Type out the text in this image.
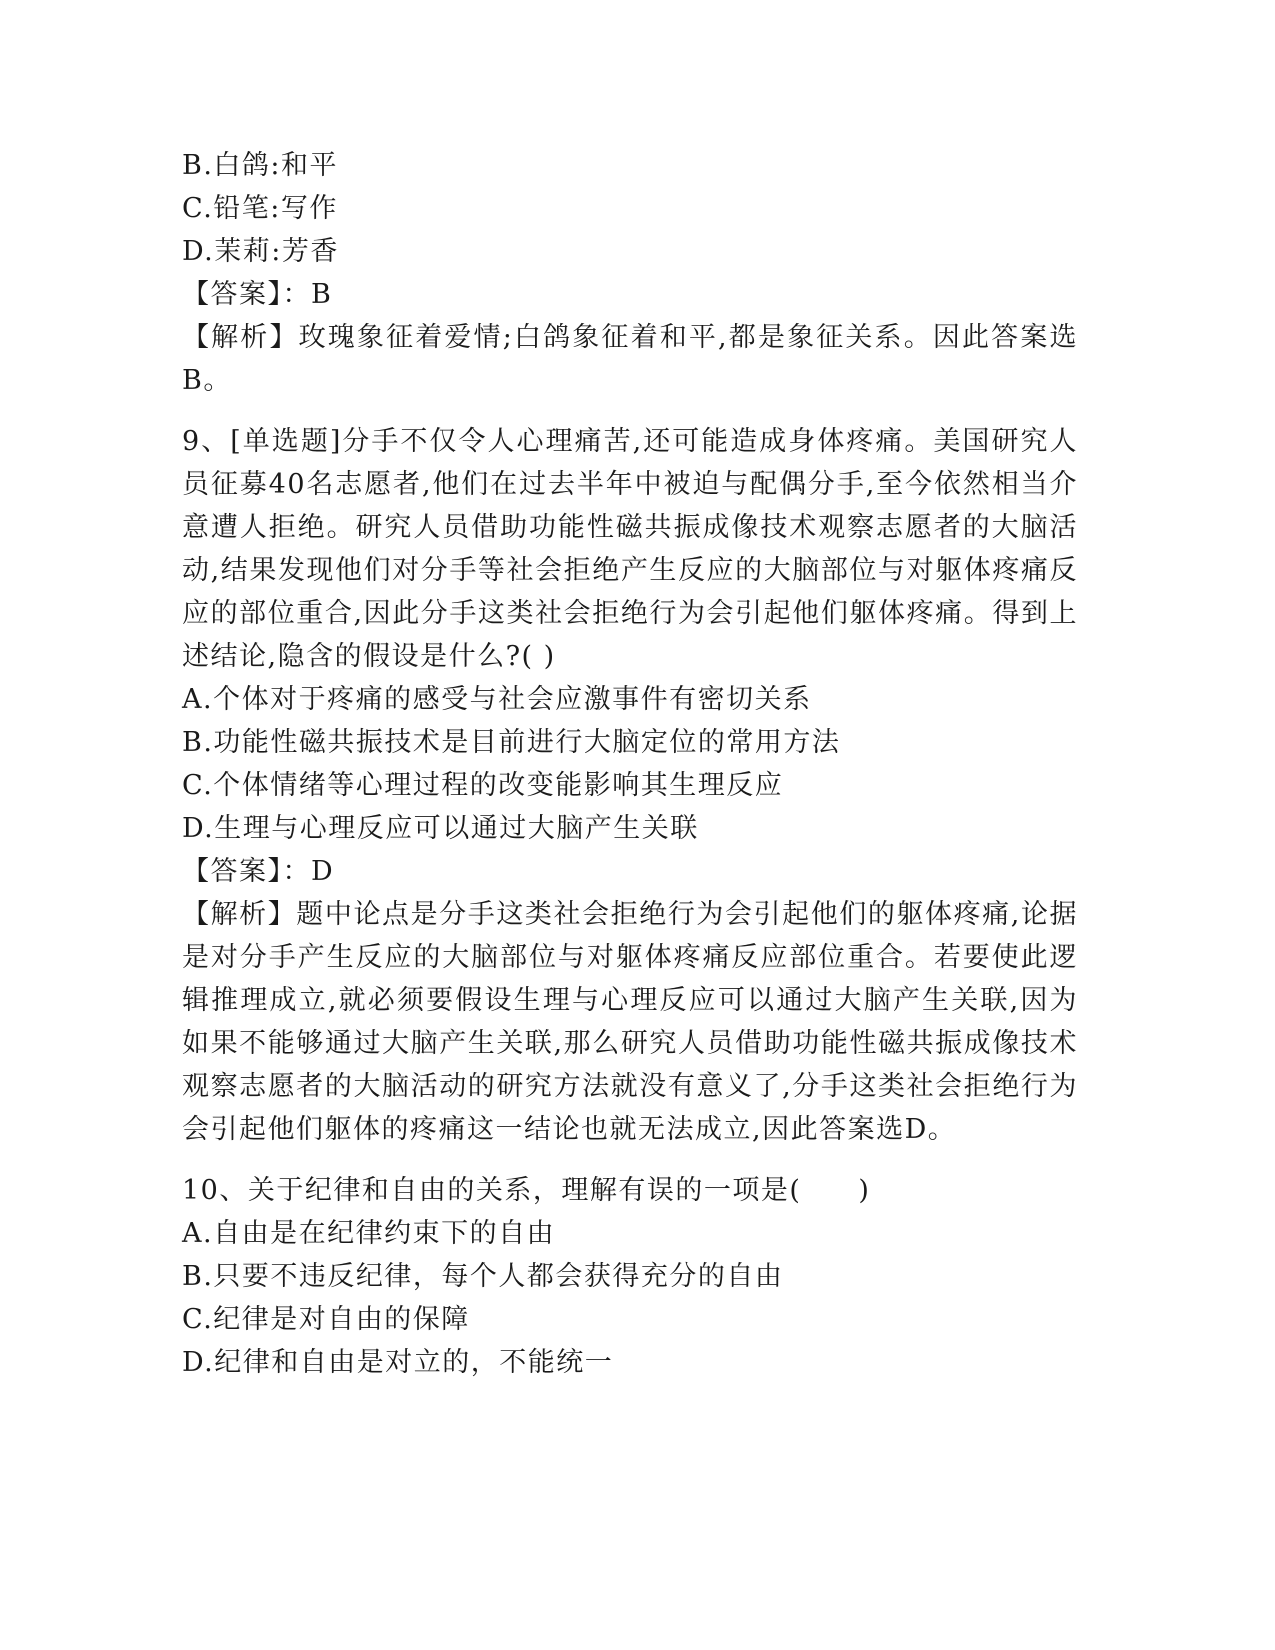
B.白鸽:和平
C.铅笔:写作
D.茉莉:芳香
【答案】：B
【解析】玫瑰象征着爱情;白鸽象征着和平,都是象征关系。因此答案选B。
9、[单选题]分手不仅令人心理痛苦,还可能造成身体疼痛。美国研究人员征募40名志愿者,他们在过去半年中被迫与配偶分手,至今依然相当介意遭人拒绝。研究人员借助功能性磁共振成像技术观察志愿者的大脑活动,结果发现他们对分手等社会拒绝产生反应的大脑部位与对躯体疼痛反应的部位重合,因此分手这类社会拒绝行为会引起他们躯体疼痛。得到上述结论,隐含的假设是什么?( )
A.个体对于疼痛的感受与社会应激事件有密切关系
B.功能性磁共振技术是目前进行大脑定位的常用方法
C.个体情绪等心理过程的改变能影响其生理反应
D.生理与心理反应可以通过大脑产生关联
【答案】：D
【解析】题中论点是分手这类社会拒绝行为会引起他们的躯体疼痛,论据是对分手产生反应的大脑部位与对躯体疼痛反应部位重合。若要使此逻辑推理成立,就必须要假设生理与心理反应可以通过大脑产生关联,因为如果不能够通过大脑产生关联,那么研究人员借助功能性磁共振成像技术观察志愿者的大脑活动的研究方法就没有意义了,分手这类社会拒绝行为会引起他们躯体的疼痛这一结论也就无法成立,因此答案选D。
10、关于纪律和自由的关系，理解有误的一项是(　　)
A.自由是在纪律约束下的自由
B.只要不违反纪律，每个人都会获得充分的自由
C.纪律是对自由的保障
D.纪律和自由是对立的，不能统一
